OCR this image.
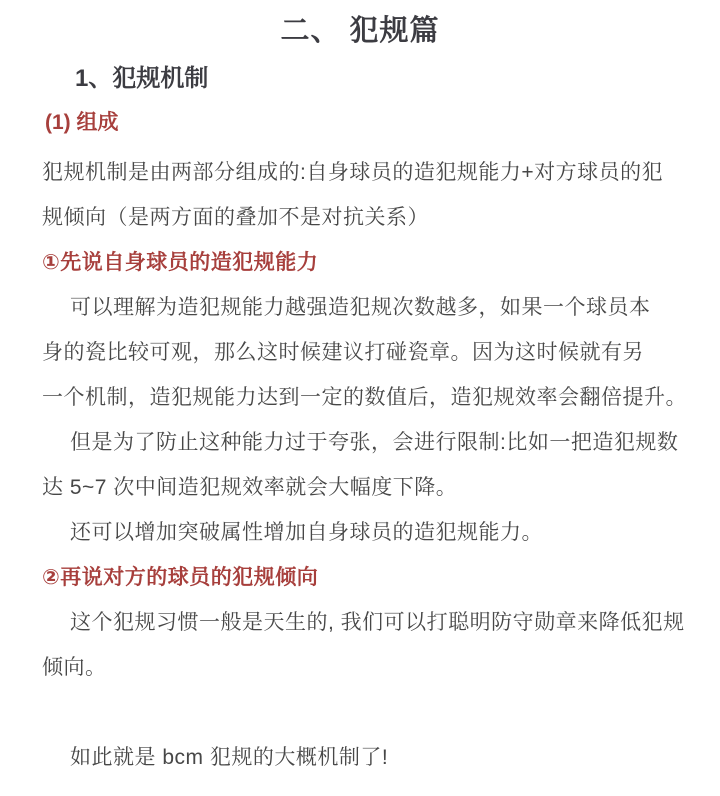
二、 犯规篇
1、犯规机制
(1) 组成
犯规机制是由两部分组成的:自身球员的造犯规能力+对方球员的犯
规倾向（是两方面的叠加不是对抗关系）
①先说自身球员的造犯规能力
可以理解为造犯规能力越强造犯规次数越多，如果一个球员本
身的瓷比较可观，那么这时候建议打碰瓷章。因为这时候就有另
一个机制，造犯规能力达到一定的数值后，造犯规效率会翻倍提升。
但是为了防止这种能力过于夸张，会进行限制:比如一把造犯规数
达 5~7 次中间造犯规效率就会大幅度下降。
还可以增加突破属性增加自身球员的造犯规能力。
②再说对方的球员的犯规倾向
这个犯规习惯一般是天生的, 我们可以打聪明防守勋章来降低犯规
倾向。
如此就是 bcm 犯规的大概机制了!
